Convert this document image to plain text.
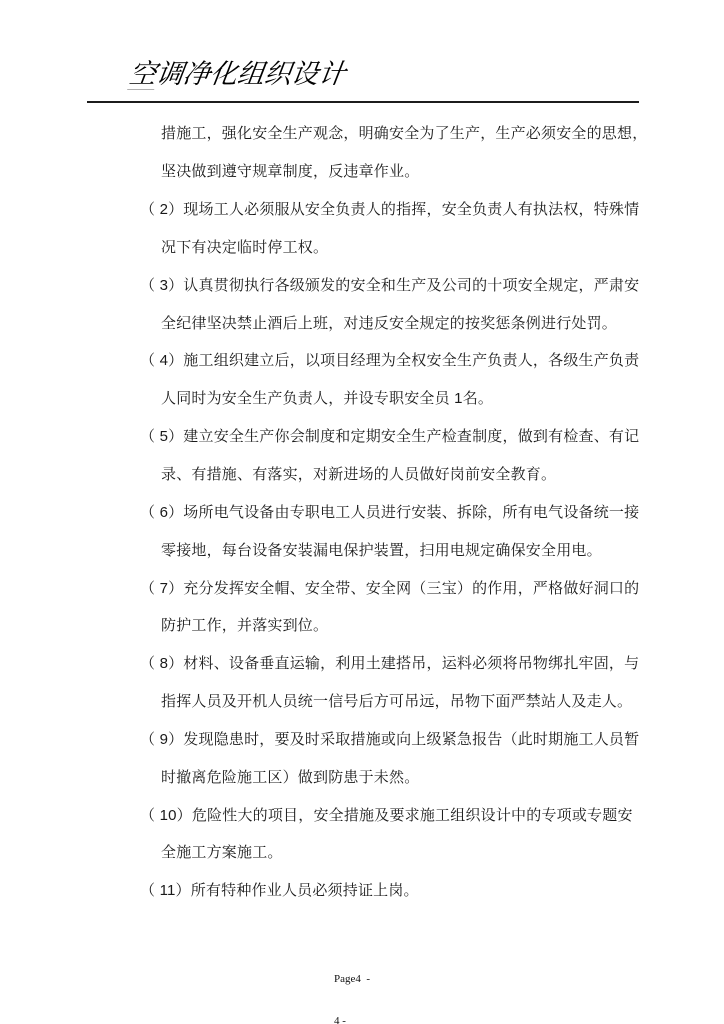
空调净化组织设计
措施工，强化安全生产观念，明确安全为了生产，生产必须安全的思想，
坚决做到遵守规章制度，反违章作业。
（ 2）现场工人必须服从安全负责人的指挥，安全负责人有执法权，特殊情
况下有决定临时停工权。
（ 3）认真贯彻执行各级颁发的安全和生产及公司的十项安全规定，严肃安
全纪律坚决禁止酒后上班，对违反安全规定的按奖惩条例进行处罚。
（ 4）施工组织建立后，以项目经理为全权安全生产负责人，各级生产负责
人同时为安全生产负责人，并设专职安全员 1名。
（ 5）建立安全生产你会制度和定期安全生产检查制度，做到有检查、有记
录、有措施、有落实，对新进场的人员做好岗前安全教育。
（ 6）场所电气设备由专职电工人员进行安装、拆除，所有电气设备统一接
零接地，每台设备安装漏电保护装置，扫用电规定确保安全用电。
（ 7）充分发挥安全帽、安全带、安全网（三宝）的作用，严格做好洞口的
防护工作，并落实到位。
（ 8）材料、设备垂直运输，利用土建搭吊，运料必须将吊物绑扎牢固，与
指挥人员及开机人员统一信号后方可吊远，吊物下面严禁站人及走人。
（ 9）发现隐患时，要及时采取措施或向上级紧急报告（此时期施工人员暂
时撤离危险施工区）做到防患于未然。
（ 10）危险性大的项目，安全措施及要求施工组织设计中的专项或专题安
全施工方案施工。
（ 11）所有特种作业人员必须持证上岗。

Page4  -

4 -
